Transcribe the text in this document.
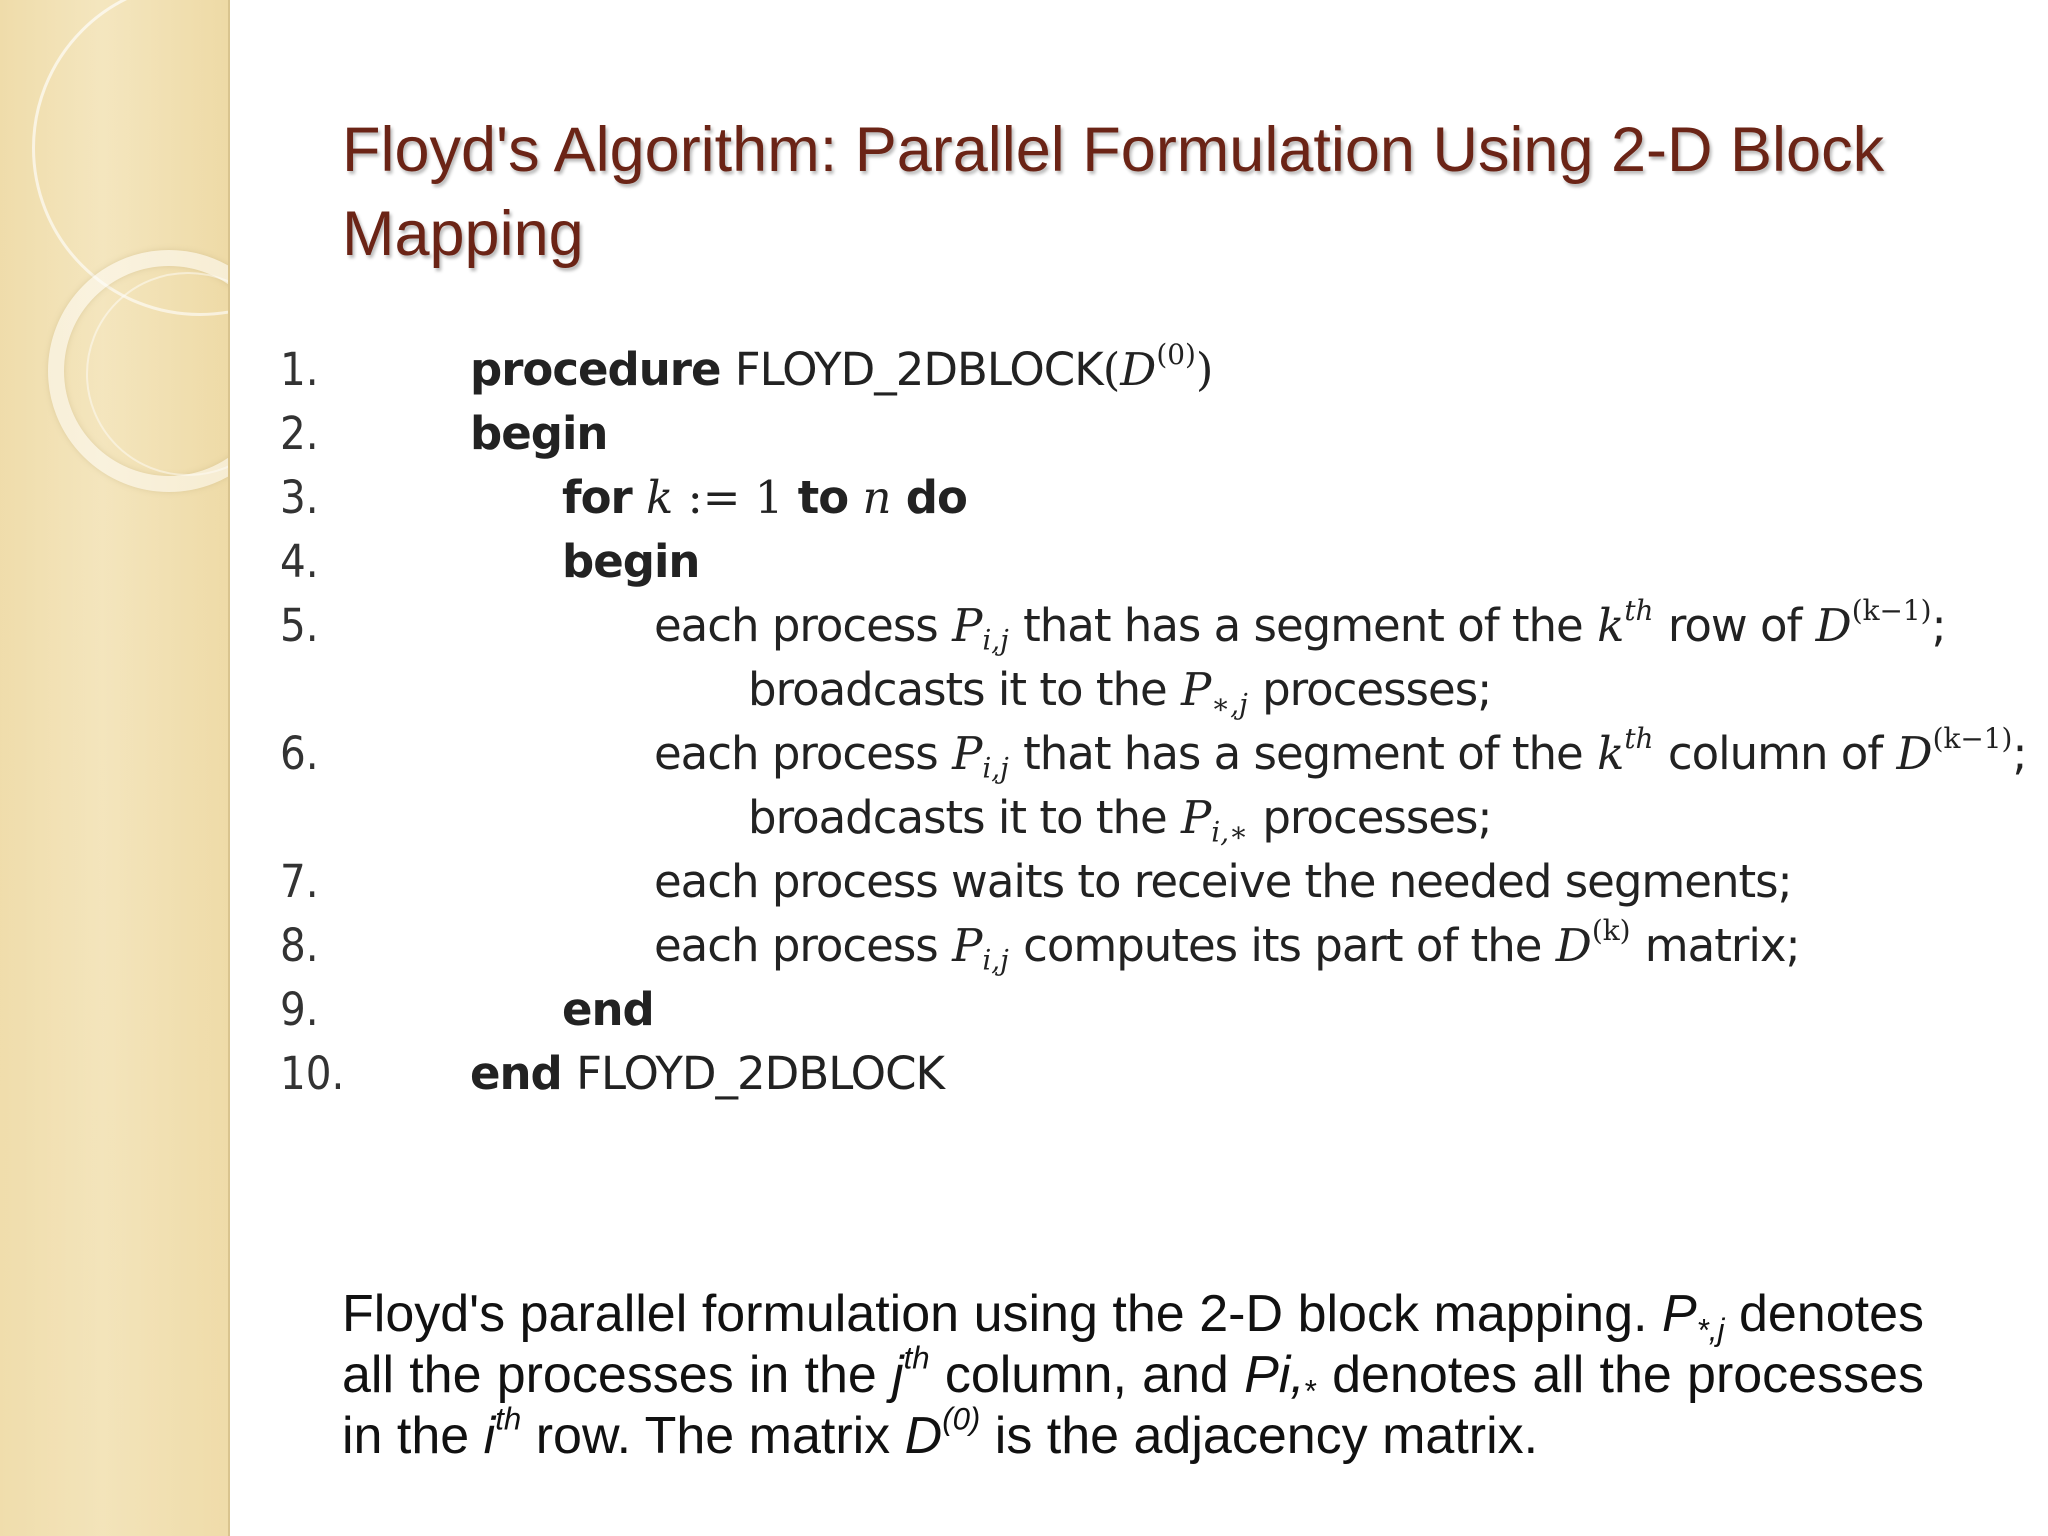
Floyd's Algorithm: Parallel Formulation Using 2-D Block Mapping
1.	procedure $FLOYD\_2DBLOCK(D^{(0)})$
2.	begin
3.	for k := 1 to n do
4.	begin
5.	each process $P_{i,j}$ that has a segment of the $k^{th}$ row of $D^{(k-1)}$;
broadcasts it to the $P_{∗,j}$ processes;
6.	each process $P_{i,j}$ that has a segment of the $k^{th}$ column of $D^{(k-1)}$;
broadcasts it to the $P_{i,∗}$ processes;
7.	each process waits to receive the needed segments;
8.	each process $P_{i,j}$ computes its part of the $D^{(k)}$ matrix;
9.	end
10.	end FLOYD_2DBLOCK

Floyd's parallel formulation using the 2-D block mapping. $P_{*,j}$ denotes all the processes in the $j^{th}$ column, and $Pi,_*$ denotes all the processes in the $i^{th}$ row. The matrix $D^{(0)}$ is the adjacency matrix.
